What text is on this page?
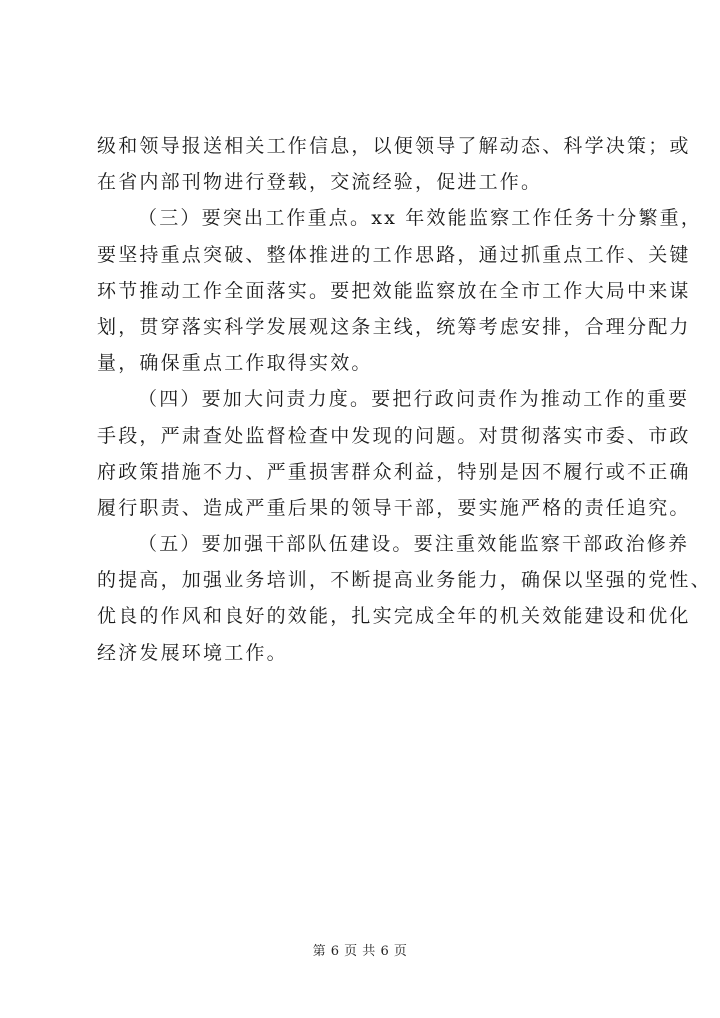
级和领导报送相关工作信息，以便领导了解动态、科学决策；或
在省内部刊物进行登载，交流经验，促进工作。
（三）要突出工作重点。xx 年效能监察工作任务十分繁重，
要坚持重点突破、整体推进的工作思路，通过抓重点工作、关键
环节推动工作全面落实。要把效能监察放在全市工作大局中来谋
划，贯穿落实科学发展观这条主线，统筹考虑安排，合理分配力
量，确保重点工作取得实效。
（四）要加大问责力度。要把行政问责作为推动工作的重要
手段，严肃查处监督检查中发现的问题。对贯彻落实市委、市政
府政策措施不力、严重损害群众利益，特别是因不履行或不正确
履行职责、造成严重后果的领导干部，要实施严格的责任追究。
（五）要加强干部队伍建设。要注重效能监察干部政治修养
的提高，加强业务培训，不断提高业务能力，确保以坚强的党性、
优良的作风和良好的效能，扎实完成全年的机关效能建设和优化
经济发展环境工作。
第 6 页 共 6 页
